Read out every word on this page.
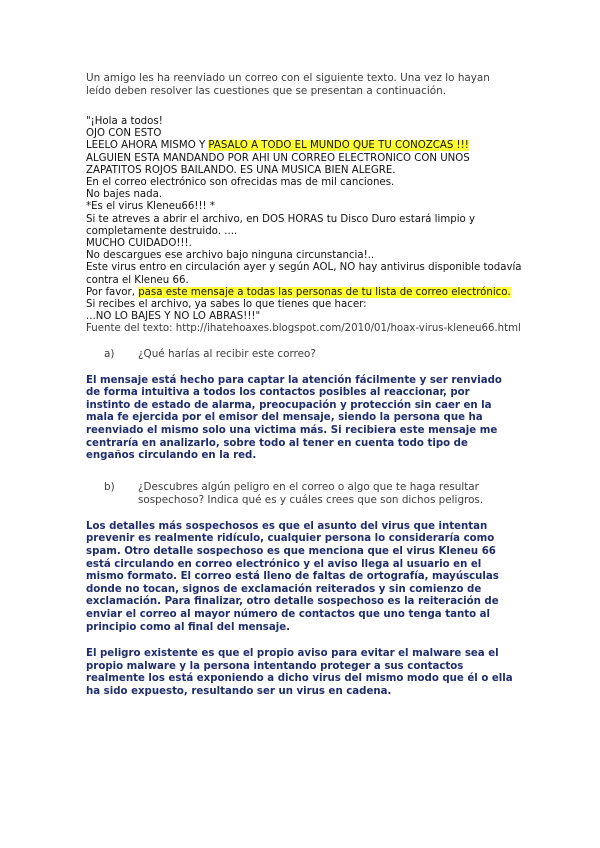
Un amigo les ha reenviado un correo con el siguiente texto. Una vez lo hayan leído deben resolver las cuestiones que se presentan a continuación.

"¡Hola a todos!
OJO CON ESTO
LEELO AHORA MISMO Y PASALO A TODO EL MUNDO QUE TU CONOZCAS !!!
ALGUIEN ESTA MANDANDO POR AHI UN CORREO ELECTRONICO CON UNOS
ZAPATITOS ROJOS BAILANDO. ES UNA MUSICA BIEN ALEGRE.
En el correo electrónico son ofrecidas mas de mil canciones.
No bajes nada.
*Es el virus Kleneu66!!! *
Si te atreves a abrir el archivo, en DOS HORAS tu Disco Duro estará limpio y
completamente destruido. ....
MUCHO CUIDADO!!!.
No descargues ese archivo bajo ninguna circunstancia!..
Este virus entro en circulación ayer y según AOL, NO hay antivirus disponible todavía
contra el Kleneu 66.
Por favor, pasa este mensaje a todas las personas de tu lista de correo electrónico.
Si recibes el archivo, ya sabes lo que tienes que hacer:
...NO LO BAJES Y NO LO ABRAS!!!"

Fuente del texto: http://ihatehoaxes.blogspot.com/2010/01/hoax-virus-kleneu66.html

a)	¿Qué harías al recibir este correo?

El mensaje está hecho para captar la atención fácilmente y ser renviado de forma intuitiva a todos los contactos posibles al reaccionar, por instinto de estado de alarma, preocupación y protección sin caer en la mala fe ejercida por el emisor del mensaje, siendo la persona que ha reenviado el mismo solo una victima más. Si recibiera este mensaje me centraría en analizarlo, sobre todo al tener en cuenta todo tipo de engaños circulando en la red.

b)	¿Descubres algún peligro en el correo o algo que te haga resultar sospechoso? Indica qué es y cuáles crees que son dichos peligros.

Los detalles más sospechosos es que el asunto del virus que intentan prevenir es realmente ridículo, cualquier persona lo consideraría como spam. Otro detalle sospechoso es que menciona que el virus Kleneu 66 está circulando en correo electrónico y el aviso llega al usuario en el mismo formato. El correo está lleno de faltas de ortografía, mayúsculas donde no tocan, signos de exclamación reiterados y sin comienzo de exclamación. Para finalizar, otro detalle sospechoso es la reiteración de enviar el correo al mayor número de contactos que uno tenga tanto al principio como al final del mensaje.

El peligro existente es que el propio aviso para evitar el malware sea el propio malware y la persona intentando proteger a sus contactos realmente los está exponiendo a dicho virus del mismo modo que él o ella ha sido expuesto, resultando ser un virus en cadena.
